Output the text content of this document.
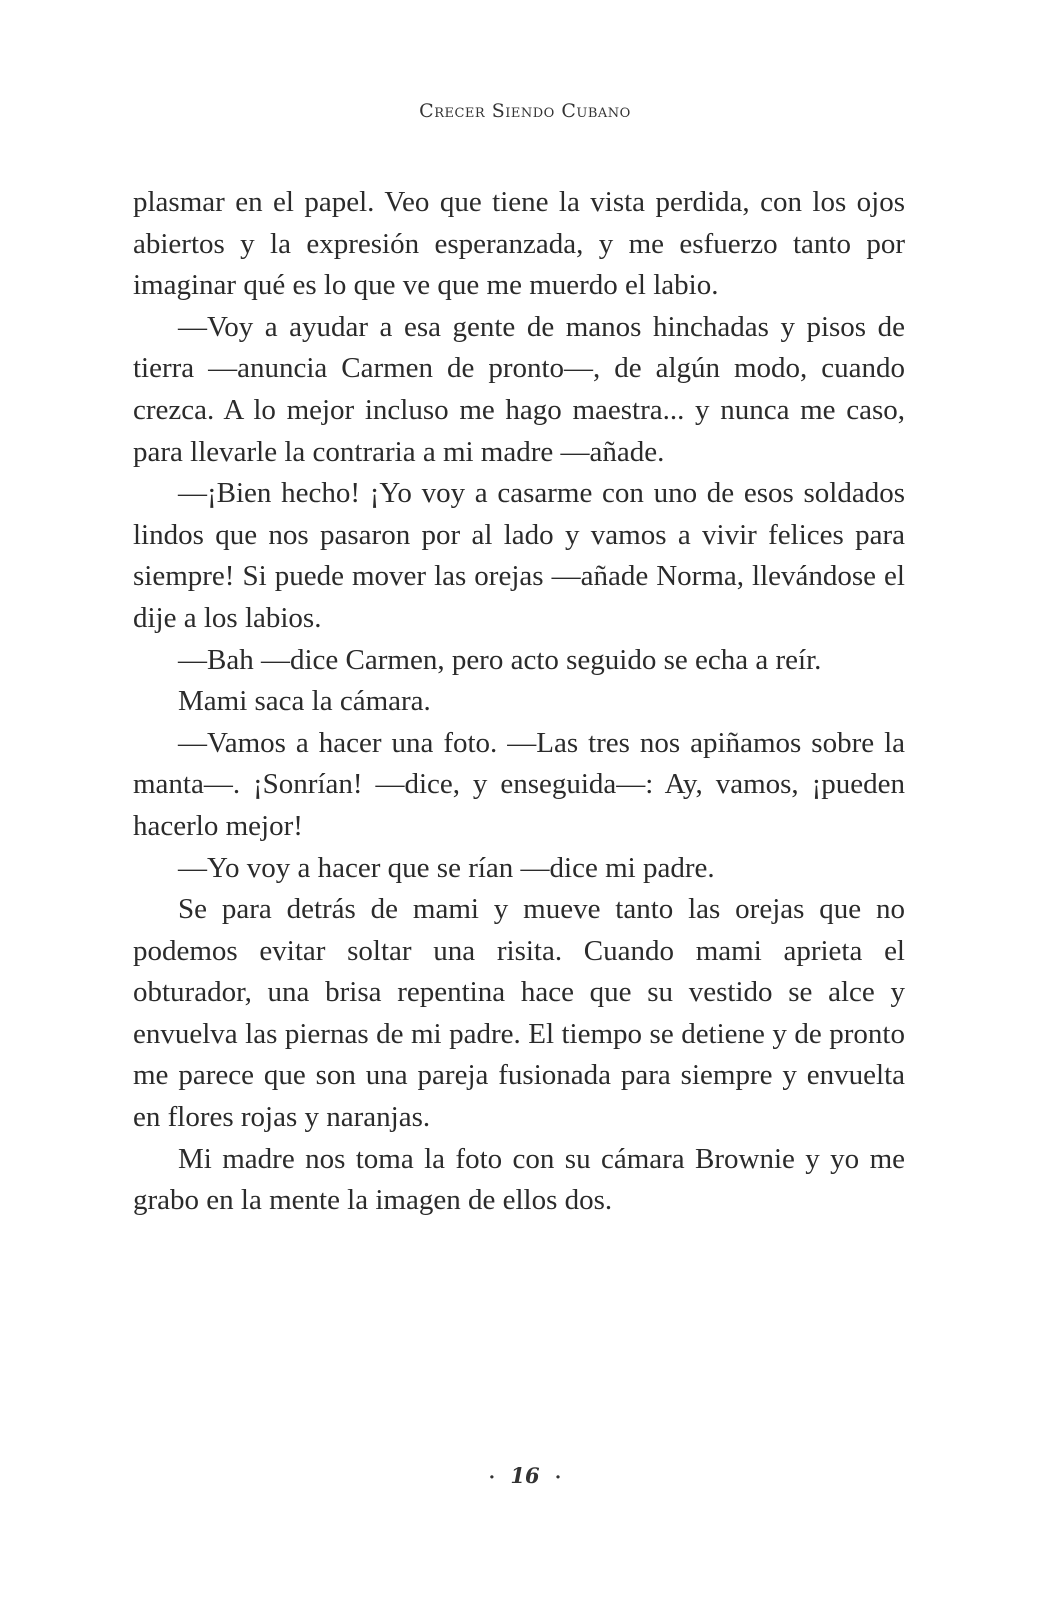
Crecer Siendo Cubano

plasmar en el papel. Veo que tiene la vista perdida, con los ojos abiertos y la expresión esperanzada, y me esfuerzo tanto por imaginar qué es lo que ve que me muerdo el labio.

—Voy a ayudar a esa gente de manos hinchadas y pisos de tierra —anuncia Carmen de pronto—, de algún modo, cuando crezca. A lo mejor incluso me hago maestra... y nunca me caso, para llevarle la contraria a mi madre —añade.

—¡Bien hecho! ¡Yo voy a casarme con uno de esos soldados lindos que nos pasaron por al lado y vamos a vivir felices para siempre! Si puede mover las orejas —añade Norma, llevándose el dije a los labios.

—Bah —dice Carmen, pero acto seguido se echa a reír.

Mami saca la cámara.

—Vamos a hacer una foto. —Las tres nos apiñamos sobre la manta—. ¡Sonrían! —dice, y enseguida—: Ay, vamos, ¡pueden hacerlo mejor!

—Yo voy a hacer que se rían —dice mi padre.

Se para detrás de mami y mueve tanto las orejas que no podemos evitar soltar una risita. Cuando mami aprieta el obturador, una brisa repentina hace que su vestido se alce y envuelva las piernas de mi padre. El tiempo se detiene y de pronto me parece que son una pareja fusionada para siempre y envuelta en flores rojas y naranjas.

Mi madre nos toma la foto con su cámara Brownie y yo me grabo en la mente la imagen de ellos dos.

· 16 ·
